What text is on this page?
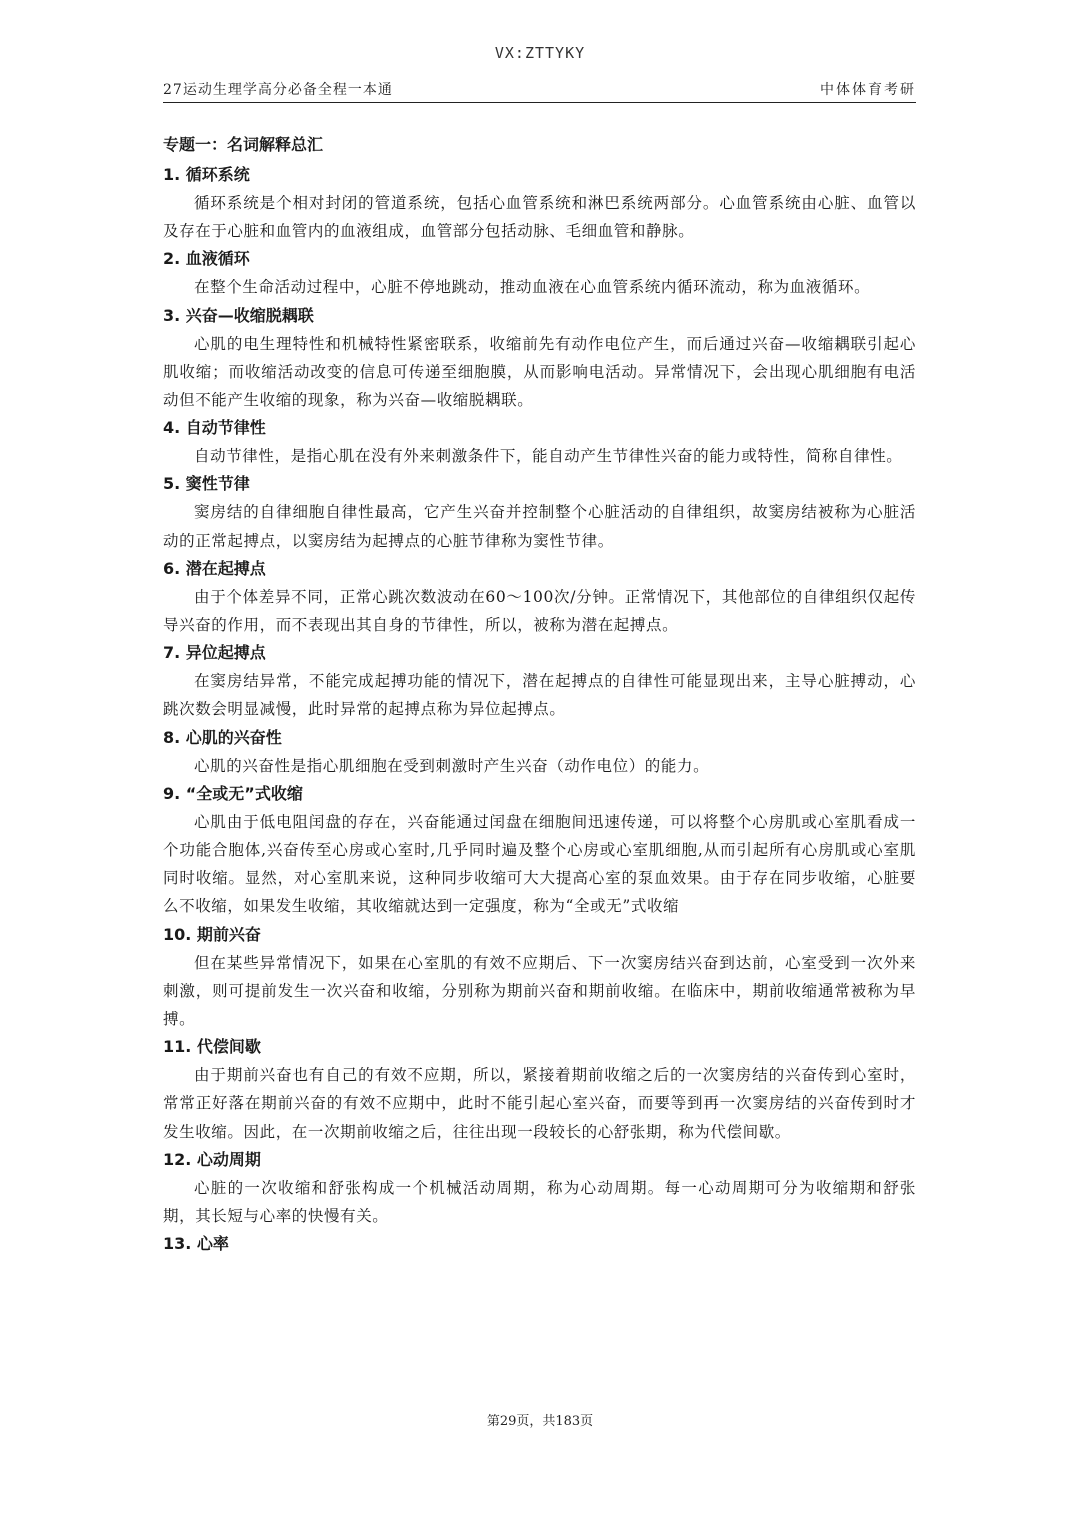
VX:ZTTYKY
27运动生理学高分必备全程一本通	中体体育考研
专题一：名词解释总汇
1. 循环系统

循环系统是个相对封闭的管道系统，包括心血管系统和淋巴系统两部分。心血管系统由心脏、血管以及存在于心脏和血管内的血液组成，血管部分包括动脉、毛细血管和静脉。

2. 血液循环

在整个生命活动过程中，心脏不停地跳动，推动血液在心血管系统内循环流动，称为血液循环。

3. 兴奋—收缩脱耦联

心肌的电生理特性和机械特性紧密联系，收缩前先有动作电位产生，而后通过兴奋—收缩耦联引起心肌收缩；而收缩活动改变的信息可传递至细胞膜，从而影响电活动。异常情况下，会出现心肌细胞有电活动但不能产生收缩的现象，称为兴奋—收缩脱耦联。

4. 自动节律性

自动节律性，是指心肌在没有外来刺激条件下，能自动产生节律性兴奋的能力或特性，简称自律性。

5. 窦性节律

窦房结的自律细胞自律性最高，它产生兴奋并控制整个心脏活动的自律组织，故窦房结被称为心脏活动的正常起搏点，以窦房结为起搏点的心脏节律称为窦性节律。

6. 潜在起搏点

由于个体差异不同，正常心跳次数波动在60～100次/分钟。正常情况下，其他部位的自律组织仅起传导兴奋的作用，而不表现出其自身的节律性，所以，被称为潜在起搏点。

7. 异位起搏点

在窦房结异常，不能完成起搏功能的情况下，潜在起搏点的自律性可能显现出来，主导心脏搏动，心跳次数会明显减慢，此时异常的起搏点称为异位起搏点。

8. 心肌的兴奋性

心肌的兴奋性是指心肌细胞在受到刺激时产生兴奋（动作电位）的能力。

9. “全或无”式收缩

心肌由于低电阻闰盘的存在，兴奋能通过闰盘在细胞间迅速传递，可以将整个心房肌或心室肌看成一个功能合胞体,兴奋传至心房或心室时,几乎同时遍及整个心房或心室肌细胞,从而引起所有心房肌或心室肌同时收缩。显然，对心室肌来说，这种同步收缩可大大提高心室的泵血效果。由于存在同步收缩，心脏要么不收缩，如果发生收缩，其收缩就达到一定强度，称为“全或无”式收缩

10. 期前兴奋

但在某些异常情况下，如果在心室肌的有效不应期后、下一次窦房结兴奋到达前，心室受到一次外来刺激，则可提前发生一次兴奋和收缩，分别称为期前兴奋和期前收缩。在临床中，期前收缩通常被称为早搏。

11. 代偿间歇

由于期前兴奋也有自己的有效不应期，所以，紧接着期前收缩之后的一次窦房结的兴奋传到心室时，常常正好落在期前兴奋的有效不应期中，此时不能引起心室兴奋，而要等到再一次窦房结的兴奋传到时才发生收缩。因此，在一次期前收缩之后，往往出现一段较长的心舒张期，称为代偿间歇。

12. 心动周期

心脏的一次收缩和舒张构成一个机械活动周期，称为心动周期。每一心动周期可分为收缩期和舒张期，其长短与心率的快慢有关。

13. 心率
第29页，共183页
